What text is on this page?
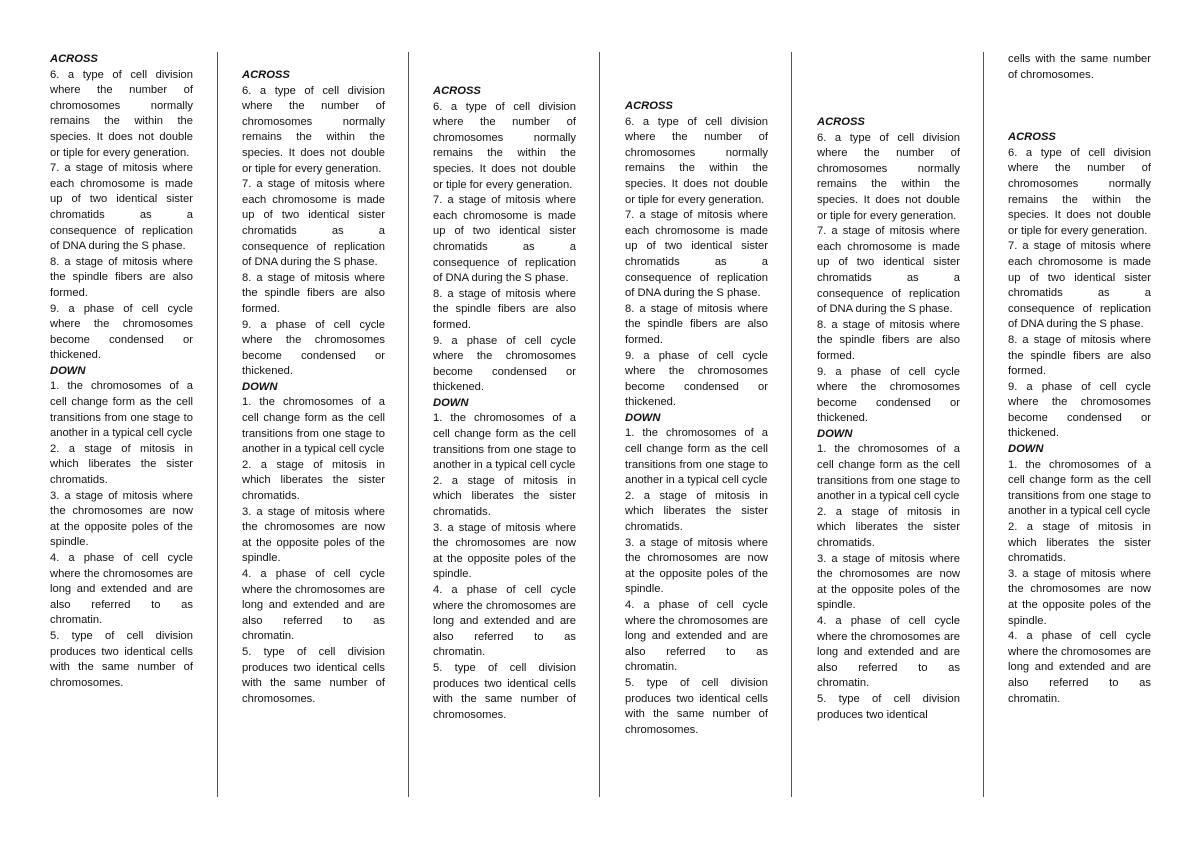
ACROSS

6. a type of cell division where the number of chromosomes normally remains the within the species. It does not double or tiple for every generation.

7. a stage of mitosis where each chromosome is made up of two identical sister chromatids as a consequence of replication of DNA during the S phase.

8. a stage of mitosis where the spindle fibers are also formed.

9. a phase of cell cycle where the chromosomes become condensed or thickened.

DOWN

1. the chromosomes of a cell change form as the cell transitions from one stage to another in a typical cell cycle

2. a stage of mitosis in which liberates the sister chromatids.

3. a stage of mitosis where the chromosomes are now at the opposite poles of the spindle.

4. a phase of cell cycle where the chromosomes are long and extended and are also referred to as chromatin.

5. type of cell division produces two identical cells with the same number of chromosomes.

ACROSS

6. a type of cell division where the number of chromosomes normally remains the within the species. It does not double or tiple for every generation.

7. a stage of mitosis where each chromosome is made up of two identical sister chromatids as a consequence of replication of DNA during the S phase.

8. a stage of mitosis where the spindle fibers are also formed.

9. a phase of cell cycle where the chromosomes become condensed or thickened.

DOWN

1. the chromosomes of a cell change form as the cell transitions from one stage to another in a typical cell cycle

2. a stage of mitosis in which liberates the sister chromatids.

3. a stage of mitosis where the chromosomes are now at the opposite poles of the spindle.

4. a phase of cell cycle where the chromosomes are long and extended and are also referred to as chromatin.

5. type of cell division produces two identical cells with the same number of chromosomes.

ACROSS

6. a type of cell division where the number of chromosomes normally remains the within the species. It does not double or tiple for every generation.

7. a stage of mitosis where each chromosome is made up of two identical sister chromatids as a consequence of replication of DNA during the S phase.

8. a stage of mitosis where the spindle fibers are also formed.

9. a phase of cell cycle where the chromosomes become condensed or thickened.

DOWN

1. the chromosomes of a cell change form as the cell transitions from one stage to another in a typical cell cycle

2. a stage of mitosis in which liberates the sister chromatids.

3. a stage of mitosis where the chromosomes are now at the opposite poles of the spindle.

4. a phase of cell cycle where the chromosomes are long and extended and are also referred to as chromatin.

5. type of cell division produces two identical cells with the same number of chromosomes.

ACROSS

6. a type of cell division where the number of chromosomes normally remains the within the species. It does not double or tiple for every generation.

7. a stage of mitosis where each chromosome is made up of two identical sister chromatids as a consequence of replication of DNA during the S phase.

8. a stage of mitosis where the spindle fibers are also formed.

9. a phase of cell cycle where the chromosomes become condensed or thickened.

DOWN

1. the chromosomes of a cell change form as the cell transitions from one stage to another in a typical cell cycle

2. a stage of mitosis in which liberates the sister chromatids.

3. a stage of mitosis where the chromosomes are now at the opposite poles of the spindle.

4. a phase of cell cycle where the chromosomes are long and extended and are also referred to as chromatin.

5. type of cell division produces two identical cells with the same number of chromosomes.

ACROSS

6. a type of cell division where the number of chromosomes normally remains the within the species. It does not double or tiple for every generation.

7. a stage of mitosis where each chromosome is made up of two identical sister chromatids as a consequence of replication of DNA during the S phase.

8. a stage of mitosis where the spindle fibers are also formed.

9. a phase of cell cycle where the chromosomes become condensed or thickened.

DOWN

1. the chromosomes of a cell change form as the cell transitions from one stage to another in a typical cell cycle

2. a stage of mitosis in which liberates the sister chromatids.

3. a stage of mitosis where the chromosomes are now at the opposite poles of the spindle.

4. a phase of cell cycle where the chromosomes are long and extended and are also referred to as chromatin.

5. type of cell division produces two identical

cells with the same number of chromosomes.

ACROSS

6. a type of cell division where the number of chromosomes normally remains the within the species. It does not double or tiple for every generation.

7. a stage of mitosis where each chromosome is made up of two identical sister chromatids as a consequence of replication of DNA during the S phase.

8. a stage of mitosis where the spindle fibers are also formed.

9. a phase of cell cycle where the chromosomes become condensed or thickened.

DOWN

1. the chromosomes of a cell change form as the cell transitions from one stage to another in a typical cell cycle

2. a stage of mitosis in which liberates the sister chromatids.

3. a stage of mitosis where the chromosomes are now at the opposite poles of the spindle.

4. a phase of cell cycle where the chromosomes are long and extended and are also referred to as chromatin.
